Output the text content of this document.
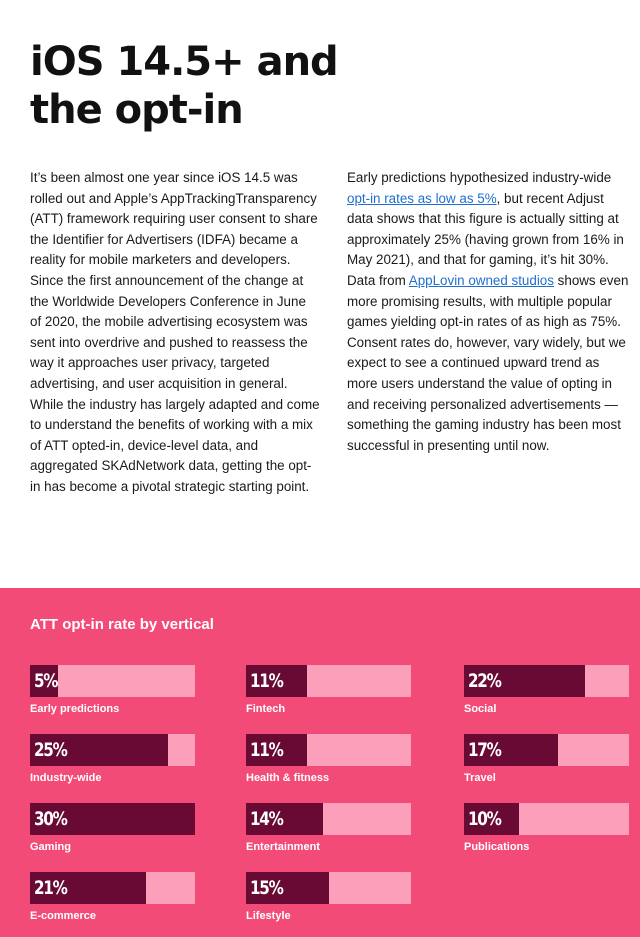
iOS 14.5+ and the opt-in
It’s been almost one year since iOS 14.5 was rolled out and Apple’s AppTrackingTransparency (ATT) framework requiring user consent to share the Identifier for Advertisers (IDFA) became a reality for mobile marketers and developers. Since the first announcement of the change at the Worldwide Developers Conference in June of 2020, the mobile advertising ecosystem was sent into overdrive and pushed to reassess the way it approaches user privacy, targeted advertising, and user acquisition in general. While the industry has largely adapted and come to understand the benefits of working with a mix of ATT opted-in, device-level data, and aggregated SKAdNetwork data, getting the opt-in has become a pivotal strategic starting point.
Early predictions hypothesized industry-wide opt-in rates as low as 5%, but recent Adjust data shows that this figure is actually sitting at approximately 25% (having grown from 16% in May 2021), and that for gaming, it’s hit 30%. Data from AppLovin owned studios shows even more promising results, with multiple popular games yielding opt-in rates of as high as 75%. Consent rates do, however, vary widely, but we expect to see a continued upward trend as more users understand the value of opting in and receiving personalized advertisements — something the gaming industry has been most successful in presenting until now.
ATT opt-in rate by vertical
5%
Early predictions
25%
Industry-wide
30%
Gaming
21%
E-commerce
11%
Fintech
11%
Health & fitness
14%
Entertainment
15%
Lifestyle
22%
Social
17%
Travel
10%
Publications
